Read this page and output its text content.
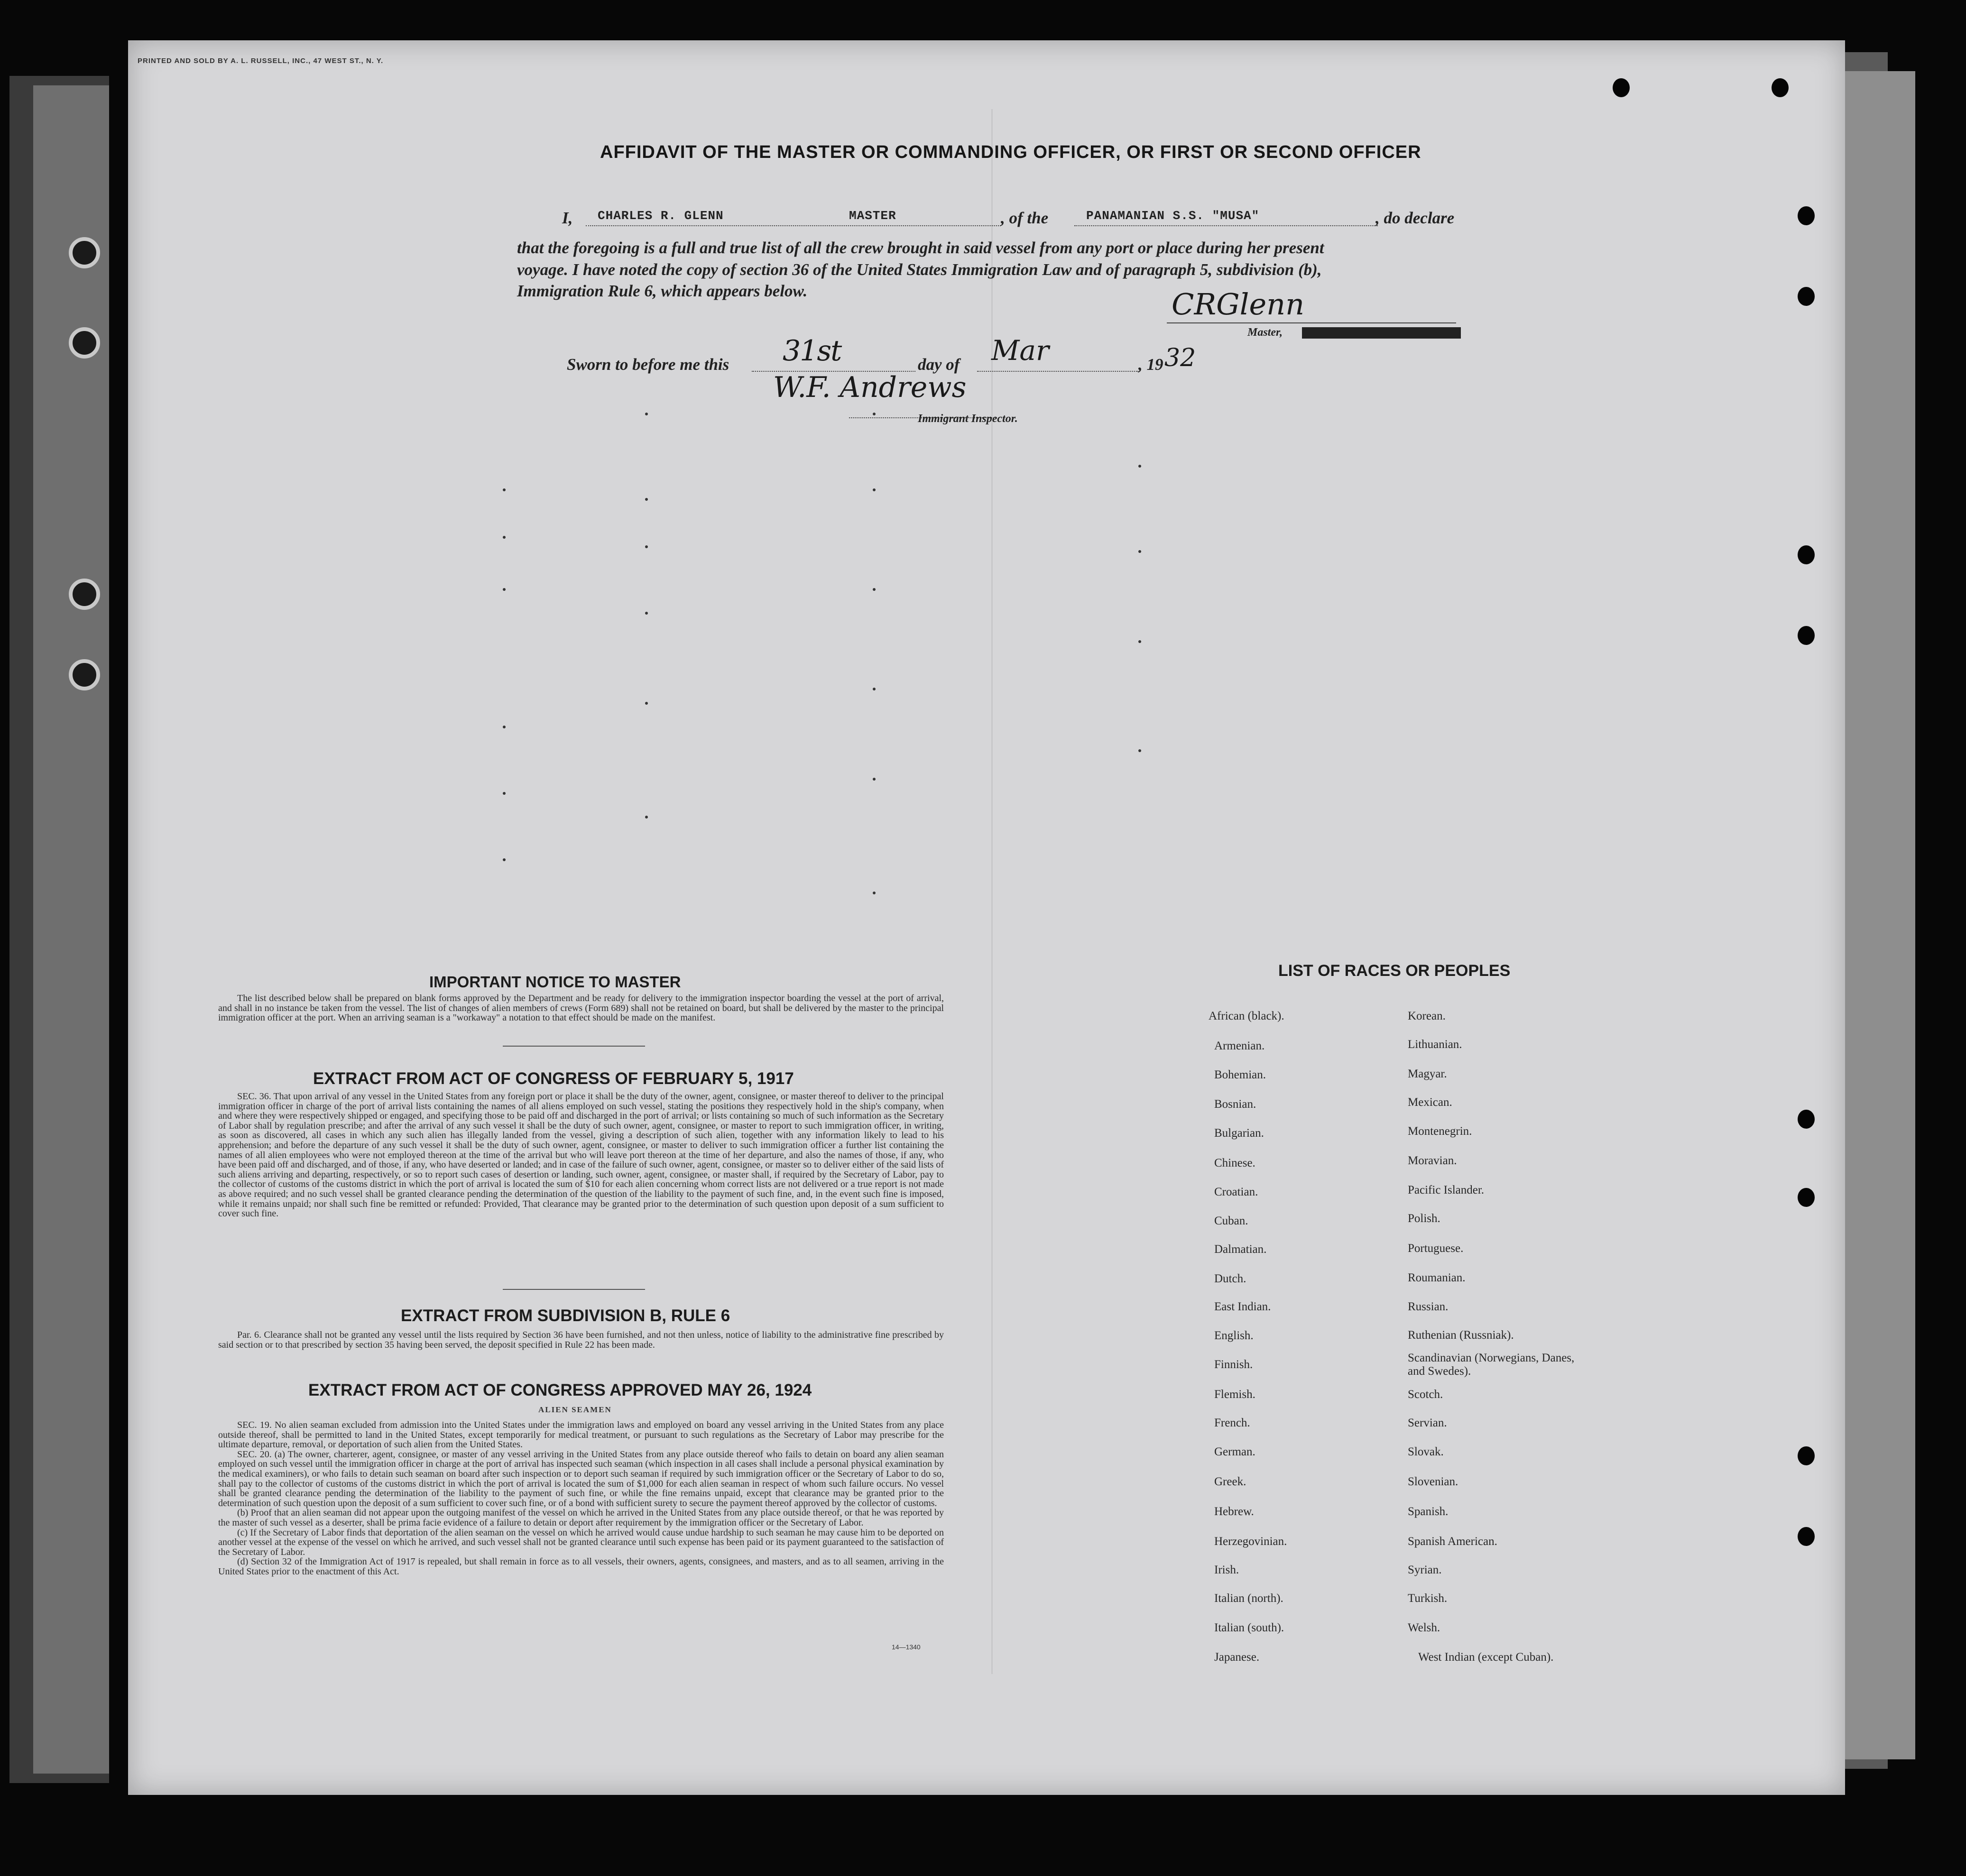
PRINTED AND SOLD BY A. L. RUSSELL, INC., 47 WEST ST., N. Y.
AFFIDAVIT OF THE MASTER OR COMMANDING OFFICER, OR FIRST OR SECOND OFFICER
I, CHARLES R. GLENN	MASTER	, of the	PANAMANIAN S.S. "MUSA"	, do declare
that the foregoing is a full and true list of all the crew brought in said vessel from any port or place during her present
voyage. I have noted the copy of section 36 of the United States Immigration Law and of paragraph 5, subdivision (b),
Immigration Rule 6, which appears below.	CRGlenn
Master,
Sworn to before me this 31st	day of Mar	, 19 32
W.F. Andrews
Immigrant Inspector.
IMPORTANT NOTICE TO MASTER

The list described below shall be prepared on blank forms approved by the Department and be ready for delivery to the immigration inspector boarding the vessel at the port of arrival, and shall in no instance be taken from the vessel. The list of changes of alien members of crews (Form 689) shall not be retained on board, but shall be delivered by the master to the principal immigration officer at the port. When an arriving seaman is a "workaway" a notation to that effect should be made on the manifest.

EXTRACT FROM ACT OF CONGRESS OF FEBRUARY 5, 1917

SEC. 36. That upon arrival of any vessel in the United States from any foreign port or place it shall be the duty of the owner, agent, consignee, or master thereof to deliver to the principal immigration officer in charge of the port of arrival lists containing the names of all aliens employed on such vessel, stating the positions they respectively hold in the ship's company, when and where they were respectively shipped or engaged, and specifying those to be paid off and discharged in the port of arrival; or lists containing so much of such information as the Secretary of Labor shall by regulation prescribe; and after the arrival of any such vessel it shall be the duty of such owner, agent, consignee, or master to report to such immigration officer, in writing, as soon as discovered, all cases in which any such alien has illegally landed from the vessel, giving a description of such alien, together with any information likely to lead to his apprehension; and before the departure of any such vessel it shall be the duty of such owner, agent, consignee, or master to deliver to such immigration officer a further list containing the names of all alien employees who were not employed thereon at the time of the arrival but who will leave port thereon at the time of her departure, and also the names of those, if any, who have been paid off and discharged, and of those, if any, who have deserted or landed; and in case of the failure of such owner, agent, consignee, or master so to deliver either of the said lists of such aliens arriving and departing, respectively, or so to report such cases of desertion or landing, such owner, agent, consignee, or master shall, if required by the Secretary of Labor, pay to the collector of customs of the customs district in which the port of arrival is located the sum of $10 for each alien concerning whom correct lists are not delivered or a true report is not made as above required; and no such vessel shall be granted clearance pending the determination of the question of the liability to the payment of such fine, and, in the event such fine is imposed, while it remains unpaid; nor shall such fine be remitted or refunded: Provided, That clearance may be granted prior to the determination of such question upon deposit of a sum sufficient to cover such fine.

EXTRACT FROM SUBDIVISION B, RULE 6

Par. 6. Clearance shall not be granted any vessel until the lists required by Section 36 have been furnished, and not then unless, notice of liability to the administrative fine prescribed by said section or to that prescribed by section 35 having been served, the deposit specified in Rule 22 has been made.

EXTRACT FROM ACT OF CONGRESS APPROVED MAY 26, 1924
ALIEN SEAMEN

SEC. 19. No alien seaman excluded from admission into the United States under the immigration laws and employed on board any vessel arriving in the United States from any place outside thereof, shall be permitted to land in the United States, except temporarily for medical treatment, or pursuant to such regulations as the Secretary of Labor may prescribe for the ultimate departure, removal, or deportation of such alien from the United States.

SEC. 20. (a) The owner, charterer, agent, consignee, or master of any vessel arriving in the United States from any place outside thereof who fails to detain on board any alien seaman employed on such vessel until the immigration officer in charge at the port of arrival has inspected such seaman (which inspection in all cases shall include a personal physical examination by the medical examiners), or who fails to detain such seaman on board after such inspection or to deport such seaman if required by such immigration officer or the Secretary of Labor to do so, shall pay to the collector of customs of the customs district in which the port of arrival is located the sum of $1,000 for each alien seaman in respect of whom such failure occurs. No vessel shall be granted clearance pending the determination of the liability to the payment of such fine, or while the fine remains unpaid, except that clearance may be granted prior to the determination of such question upon the deposit of a sum sufficient to cover such fine, or of a bond with sufficient surety to secure the payment thereof approved by the collector of customs.

(b) Proof that an alien seaman did not appear upon the outgoing manifest of the vessel on which he arrived in the United States from any place outside thereof, or that he was reported by the master of such vessel as a deserter, shall be prima facie evidence of a failure to detain or deport after requirement by the immigration officer or the Secretary of Labor.

(c) If the Secretary of Labor finds that deportation of the alien seaman on the vessel on which he arrived would cause undue hardship to such seaman he may cause him to be deported on another vessel at the expense of the vessel on which he arrived, and such vessel shall not be granted clearance until such expense has been paid or its payment guaranteed to the satisfaction of the Secretary of Labor.

(d) Section 32 of the Immigration Act of 1917 is repealed, but shall remain in force as to all vessels, their owners, agents, consignees, and masters, and as to all seamen, arriving in the United States prior to the enactment of this Act.

14—1340
LIST OF RACES OR PEOPLES
African (black).
Armenian.
Bohemian.
Bosnian.
Bulgarian.
Chinese.
Croatian.
Cuban.
Dalmatian.
Dutch.
East Indian.
English.
Finnish.
Flemish.
French.
German.
Greek.
Hebrew.
Herzegovinian.
Irish.
Italian (north).
Italian (south).
Japanese.
Korean.
Lithuanian.
Magyar.
Mexican.
Montenegrin.
Moravian.
Pacific Islander.
Polish.
Portuguese.
Roumanian.
Russian.
Ruthenian (Russniak).
Scandinavian (Norwegians, Danes, and Swedes).
Scotch.
Servian.
Slovak.
Slovenian.
Spanish.
Spanish American.
Syrian.
Turkish.
Welsh.
West Indian (except Cuban).
